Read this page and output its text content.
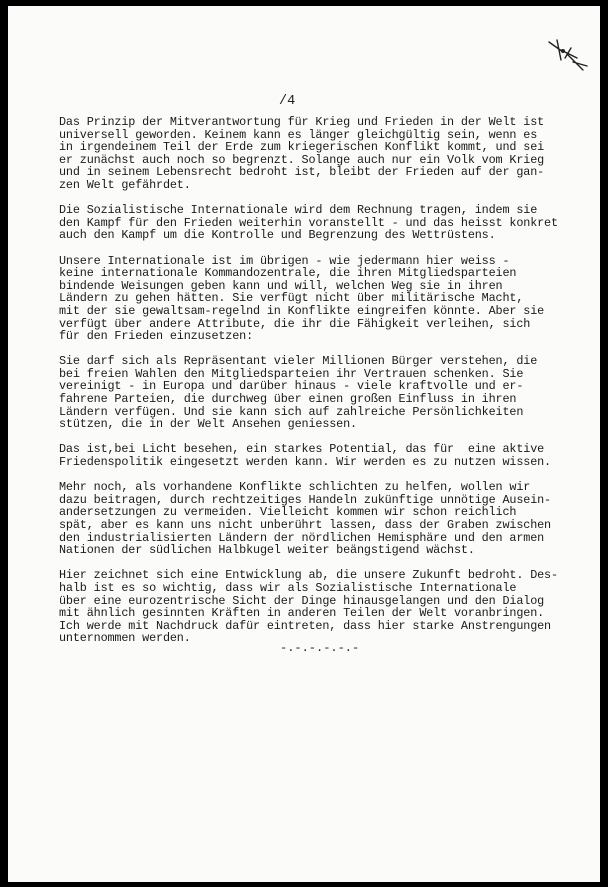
/4
Das Prinzip der Mitverantwortung für Krieg und Frieden in der Welt ist
universell geworden. Keinem kann es länger gleichgültig sein, wenn es
in irgendeinem Teil der Erde zum kriegerischen Konflikt kommt, und sei
er zunächst auch noch so begrenzt. Solange auch nur ein Volk vom Krieg
und in seinem Lebensrecht bedroht ist, bleibt der Frieden auf der gan-
zen Welt gefährdet.
Die Sozialistische Internationale wird dem Rechnung tragen, indem sie
den Kampf für den Frieden weiterhin voranstellt - und das heisst konkret
auch den Kampf um die Kontrolle und Begrenzung des Wettrüstens.
Unsere Internationale ist im übrigen - wie jedermann hier weiss -
keine internationale Kommandozentrale, die ihren Mitgliedsparteien
bindende Weisungen geben kann und will, welchen Weg sie in ihren
Ländern zu gehen hätten. Sie verfügt nicht über militärische Macht,
mit der sie gewaltsam-regelnd in Konflikte eingreifen könnte. Aber sie
verfügt über andere Attribute, die ihr die Fähigkeit verleihen, sich
für den Frieden einzusetzen:
Sie darf sich als Repräsentant vieler Millionen Bürger verstehen, die
bei freien Wahlen den Mitgliedsparteien ihr Vertrauen schenken. Sie
vereinigt - in Europa und darüber hinaus - viele kraftvolle und er-
fahrene Parteien, die durchweg über einen großen Einfluss in ihren
Ländern verfügen. Und sie kann sich auf zahlreiche Persönlichkeiten
stützen, die in der Welt Ansehen geniessen.
Das ist,bei Licht besehen, ein starkes Potential, das für  eine aktive
Friedenspolitik eingesetzt werden kann. Wir werden es zu nutzen wissen.
Mehr noch, als vorhandene Konflikte schlichten zu helfen, wollen wir
dazu beitragen, durch rechtzeitiges Handeln zukünftige unnötige Ausein-
andersetzungen zu vermeiden. Vielleicht kommen wir schon reichlich
spät, aber es kann uns nicht unberührt lassen, dass der Graben zwischen
den industrialisierten Ländern der nördlichen Hemisphäre und den armen
Nationen der südlichen Halbkugel weiter beängstigend wächst.
Hier zeichnet sich eine Entwicklung ab, die unsere Zukunft bedroht. Des-
halb ist es so wichtig, dass wir als Sozialistische Internationale
über eine eurozentrische Sicht der Dinge hinausgelangen und den Dialog
mit ähnlich gesinnten Kräften in anderen Teilen der Welt voranbringen.
Ich werde mit Nachdruck dafür eintreten, dass hier starke Anstrengungen
unternommen werden.
-.-.-.-.-.-
